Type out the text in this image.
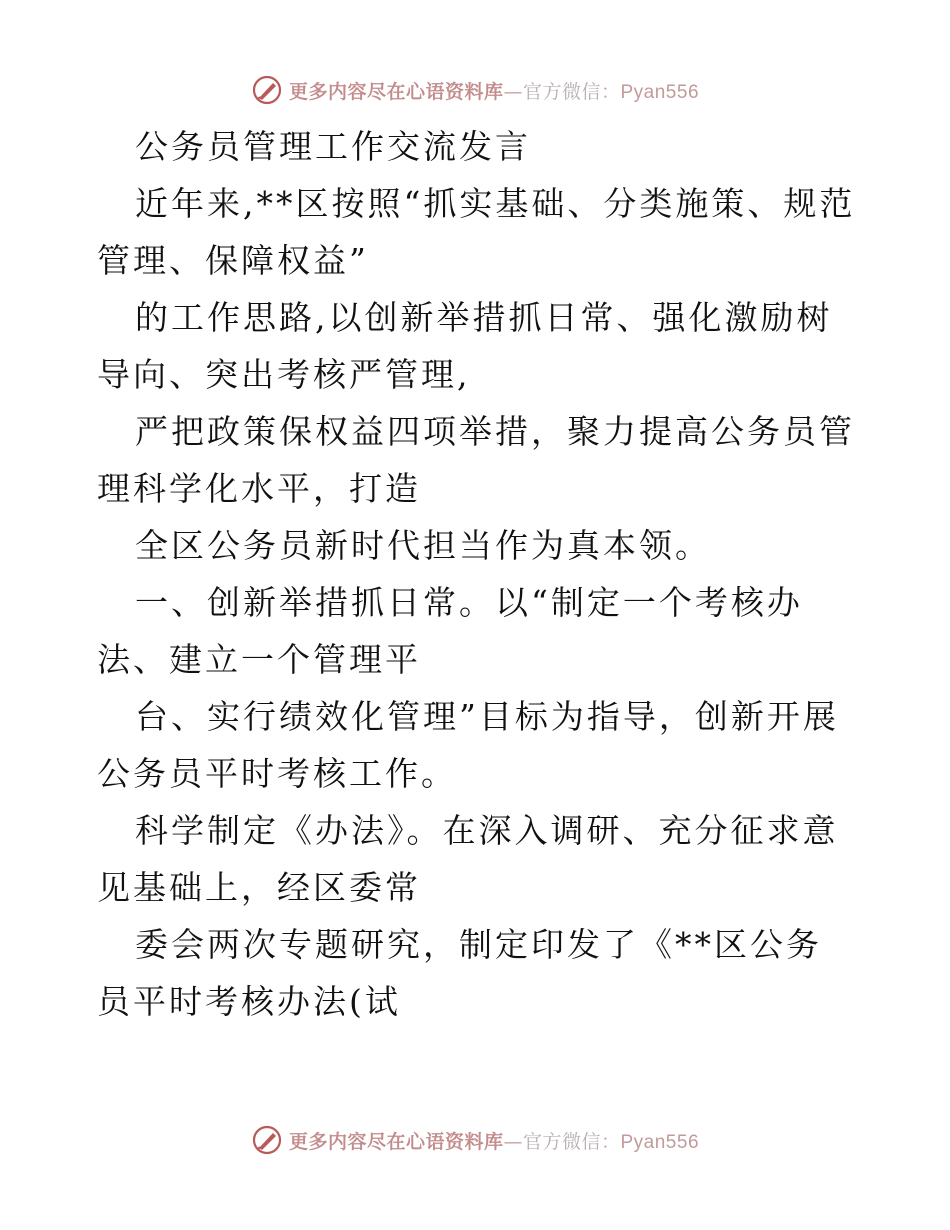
更多内容尽在心语资料库—官方微信：Pyan556

公务员管理工作交流发言

近年来,**区按照“抓实基础、分类施策、规范管理、保障权益”

的工作思路,以创新举措抓日常、强化激励树导向、突出考核严管理,

严把政策保权益四项举措，聚力提高公务员管理科学化水平，打造

全区公务员新时代担当作为真本领。

一、创新举措抓日常。以“制定一个考核办法、建立一个管理平

台、实行绩效化管理”目标为指导，创新开展公务员平时考核工作。

科学制定《办法》。在深入调研、充分征求意见基础上，经区委常

委会两次专题研究，制定印发了《**区公务员平时考核办法(试

更多内容尽在心语资料库—官方微信：Pyan556
